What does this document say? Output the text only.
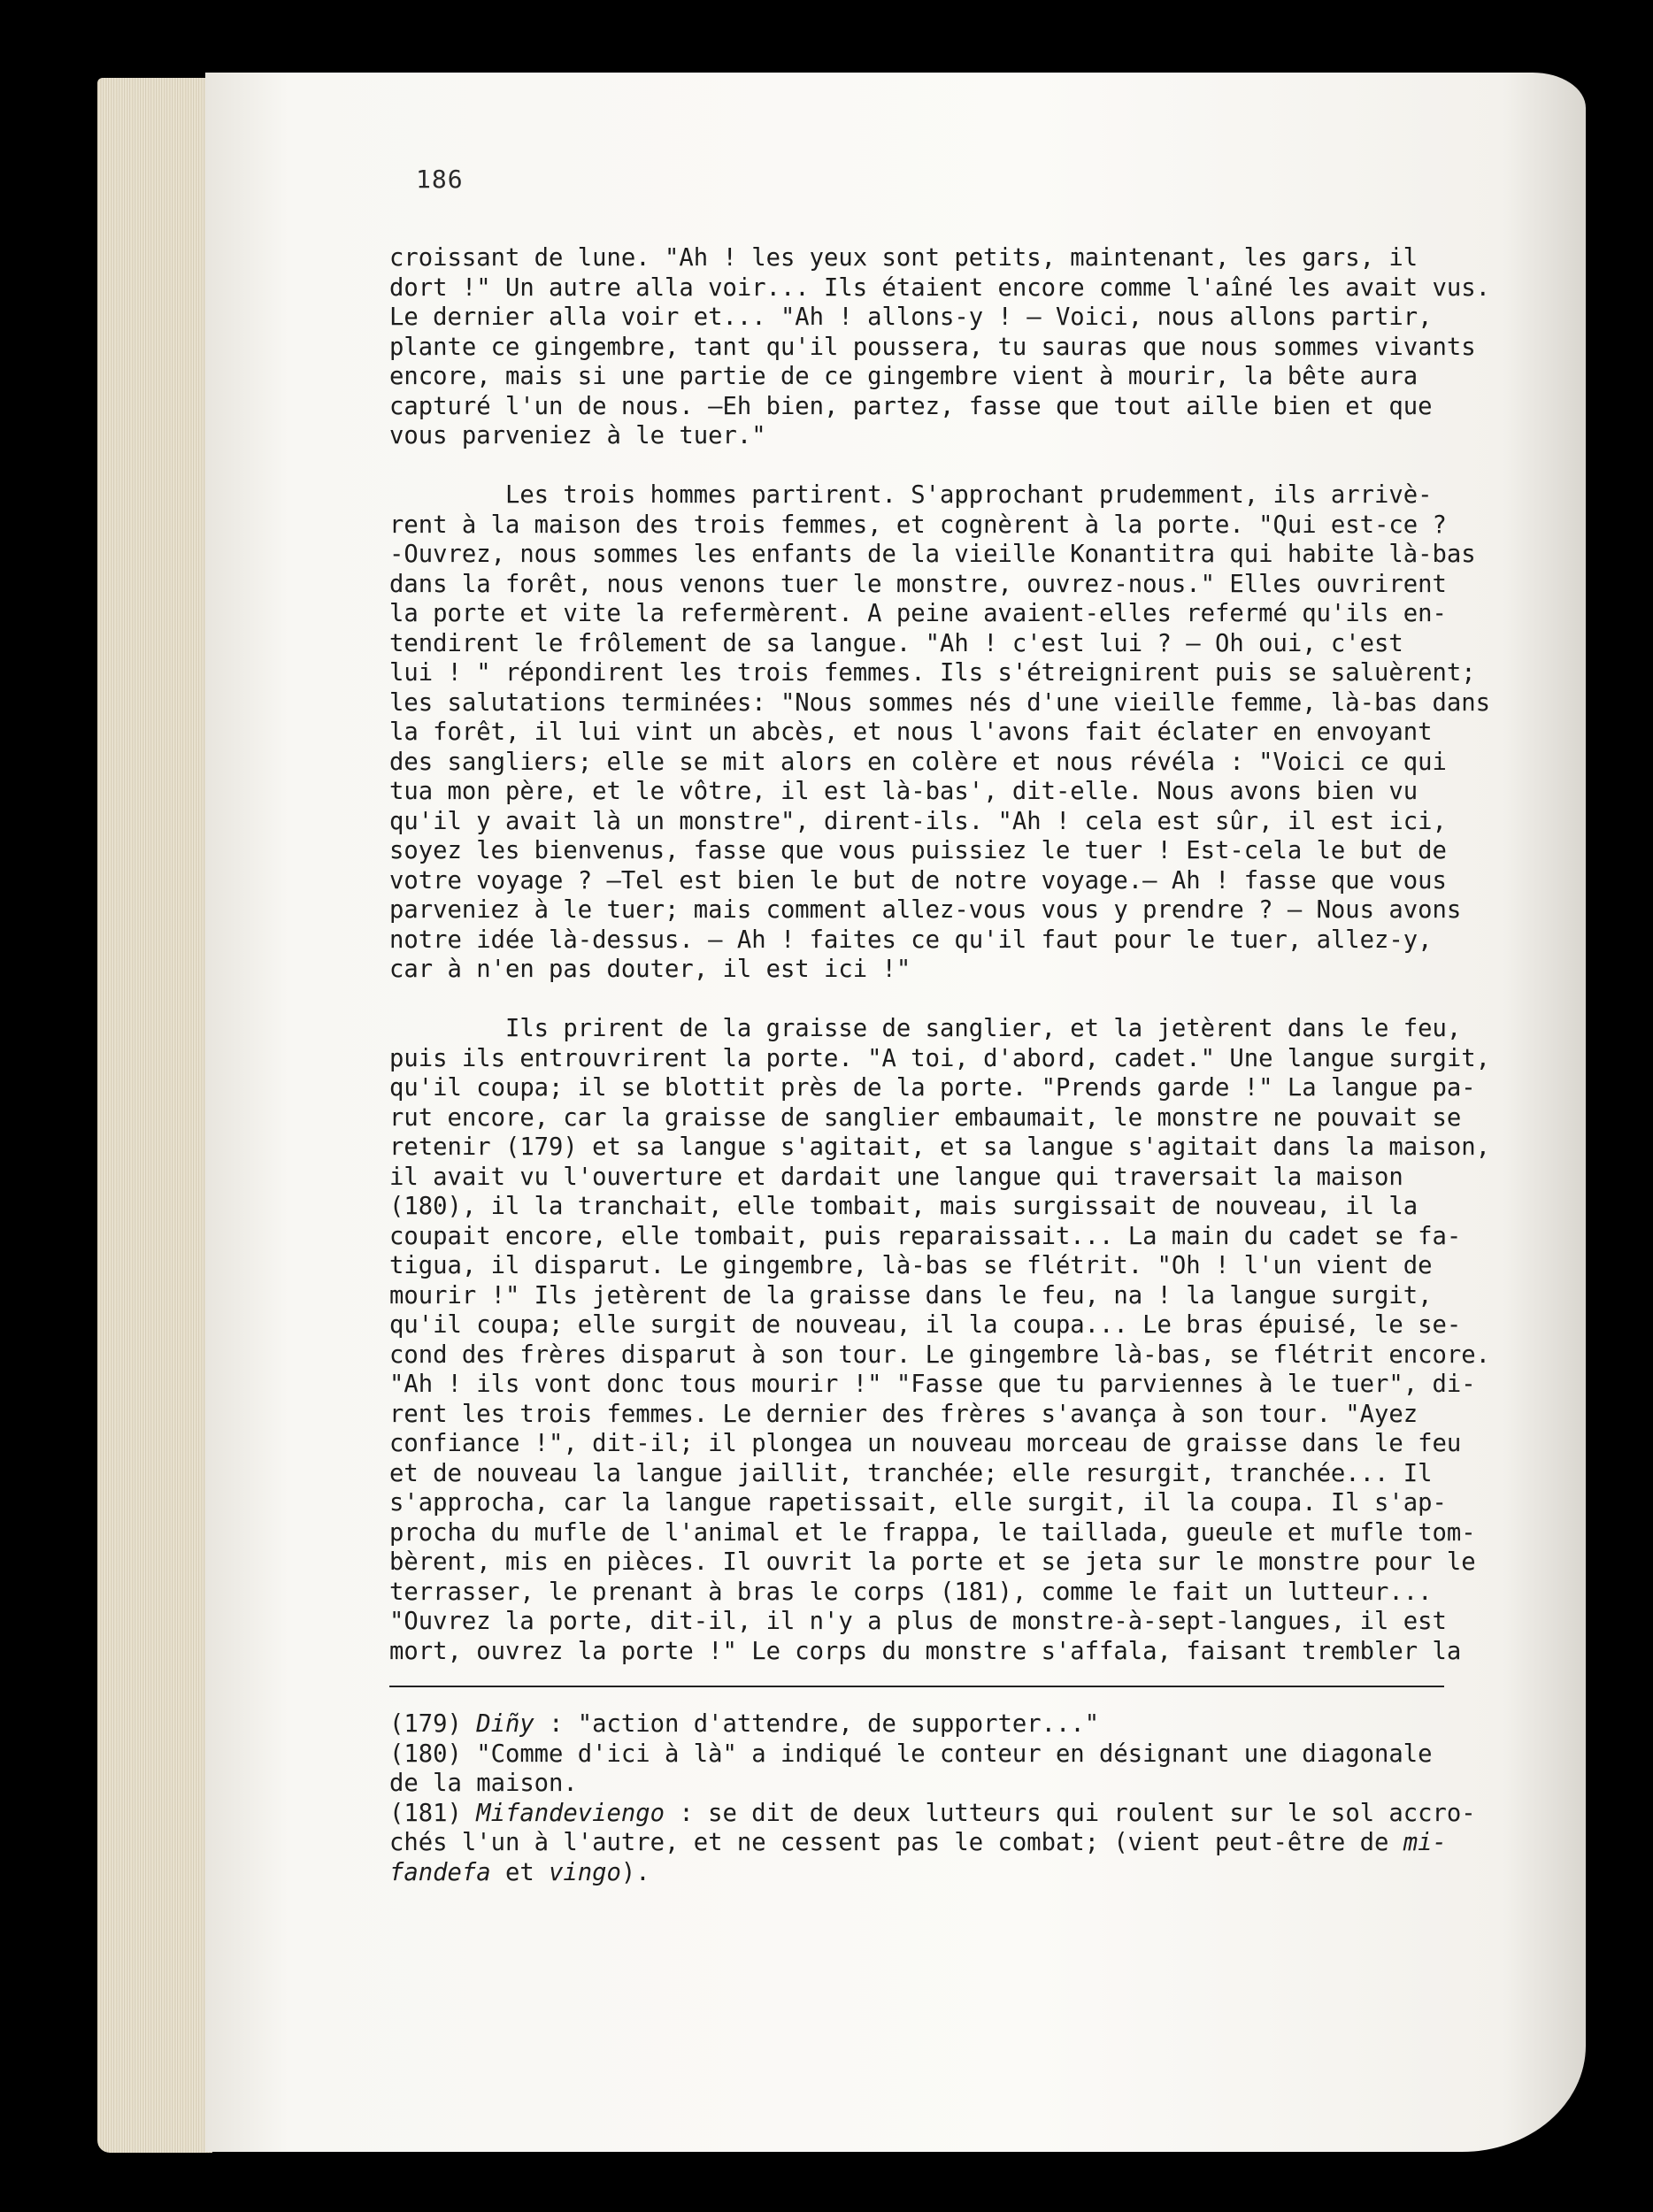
186
croissant de lune. "Ah ! les yeux sont petits, maintenant, les gars, il
dort !" Un autre alla voir... Ils étaient encore comme l'aîné les avait vus.
Le dernier alla voir et... "Ah ! allons-y ! — Voici, nous allons partir,
plante ce gingembre, tant qu'il poussera, tu sauras que nous sommes vivants
encore, mais si une partie de ce gingembre vient à mourir, la bête aura
capturé l'un de nous. —Eh bien, partez, fasse que tout aille bien et que
vous parveniez à le tuer."
Les trois hommes partirent. S'approchant prudemment, ils arrivè-
rent à la maison des trois femmes, et cognèrent à la porte. "Qui est-ce ?
-Ouvrez, nous sommes les enfants de la vieille Konantitra qui habite là-bas
dans la forêt, nous venons tuer le monstre, ouvrez-nous." Elles ouvrirent
la porte et vite la refermèrent. A peine avaient-elles refermé qu'ils en-
tendirent le frôlement de sa langue. "Ah ! c'est lui ? — Oh oui, c'est
lui ! " répondirent les trois femmes. Ils s'étreignirent puis se saluèrent;
les salutations terminées: "Nous sommes nés d'une vieille femme, là-bas dans
la forêt, il lui vint un abcès, et nous l'avons fait éclater en envoyant
des sangliers; elle se mit alors en colère et nous révéla : "Voici ce qui
tua mon père, et le vôtre, il est là-bas', dit-elle. Nous avons bien vu
qu'il y avait là un monstre", dirent-ils. "Ah ! cela est sûr, il est ici,
soyez les bienvenus, fasse que vous puissiez le tuer ! Est-cela le but de
votre voyage ? —Tel est bien le but de notre voyage.— Ah ! fasse que vous
parveniez à le tuer; mais comment allez-vous vous y prendre ? — Nous avons
notre idée là-dessus. — Ah ! faites ce qu'il faut pour le tuer, allez-y,
car à n'en pas douter, il est ici !"
Ils prirent de la graisse de sanglier, et la jetèrent dans le feu,
puis ils entrouvrirent la porte. "A toi, d'abord, cadet." Une langue surgit,
qu'il coupa; il se blottit près de la porte. "Prends garde !" La langue pa-
rut encore, car la graisse de sanglier embaumait, le monstre ne pouvait se
retenir (179) et sa langue s'agitait, et sa langue s'agitait dans la maison,
il avait vu l'ouverture et dardait une langue qui traversait la maison
(180), il la tranchait, elle tombait, mais surgissait de nouveau, il la
coupait encore, elle tombait, puis reparaissait... La main du cadet se fa-
tigua, il disparut. Le gingembre, là-bas se flétrit. "Oh ! l'un vient de
mourir !" Ils jetèrent de la graisse dans le feu, na ! la langue surgit,
qu'il coupa; elle surgit de nouveau, il la coupa... Le bras épuisé, le se-
cond des frères disparut à son tour. Le gingembre là-bas, se flétrit encore.
"Ah ! ils vont donc tous mourir !" "Fasse que tu parviennes à le tuer", di-
rent les trois femmes. Le dernier des frères s'avança à son tour. "Ayez
confiance !", dit-il; il plongea un nouveau morceau de graisse dans le feu
et de nouveau la langue jaillit, tranchée; elle resurgit, tranchée... Il
s'approcha, car la langue rapetissait, elle surgit, il la coupa. Il s'ap-
procha du mufle de l'animal et le frappa, le taillada, gueule et mufle tom-
bèrent, mis en pièces. Il ouvrit la porte et se jeta sur le monstre pour le
terrasser, le prenant à bras le corps (181), comme le fait un lutteur...
"Ouvrez la porte, dit-il, il n'y a plus de monstre-à-sept-langues, il est
mort, ouvrez la porte !" Le corps du monstre s'affala, faisant trembler la
(179) Diñy : "action d'attendre, de supporter..."
(180) "Comme d'ici à là" a indiqué le conteur en désignant une diagonale
de la maison.
(181) Mifandeviengo : se dit de deux lutteurs qui roulent sur le sol accro-
chés l'un à l'autre, et ne cessent pas le combat; (vient peut-être de mi-
fandefa et vingo).
